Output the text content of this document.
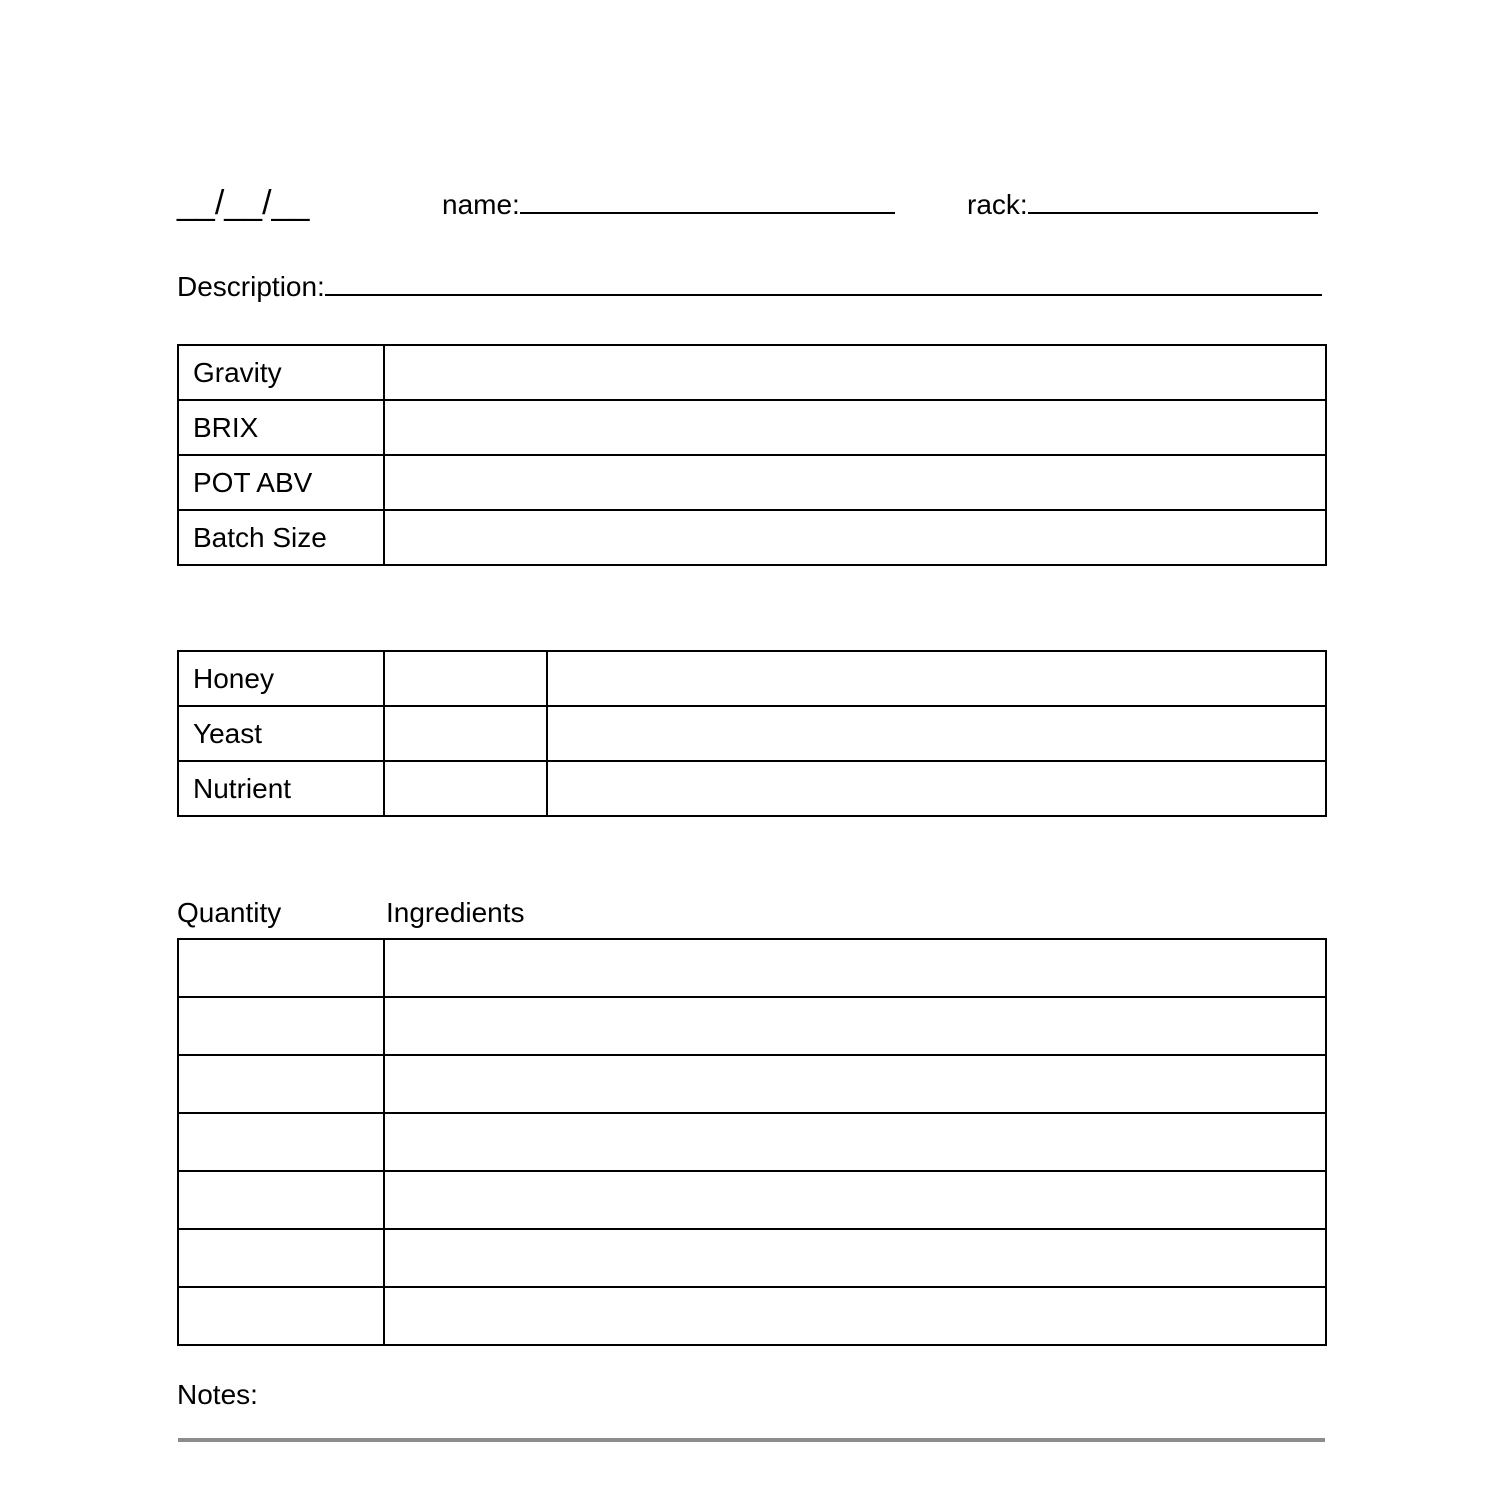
__/__/__	name:	rack:
Description:
Gravity	
BRIX	
POT ABV	
Batch Size	
Honey		
Yeast		
Nutrient		
Quantity	Ingredients

Notes:
